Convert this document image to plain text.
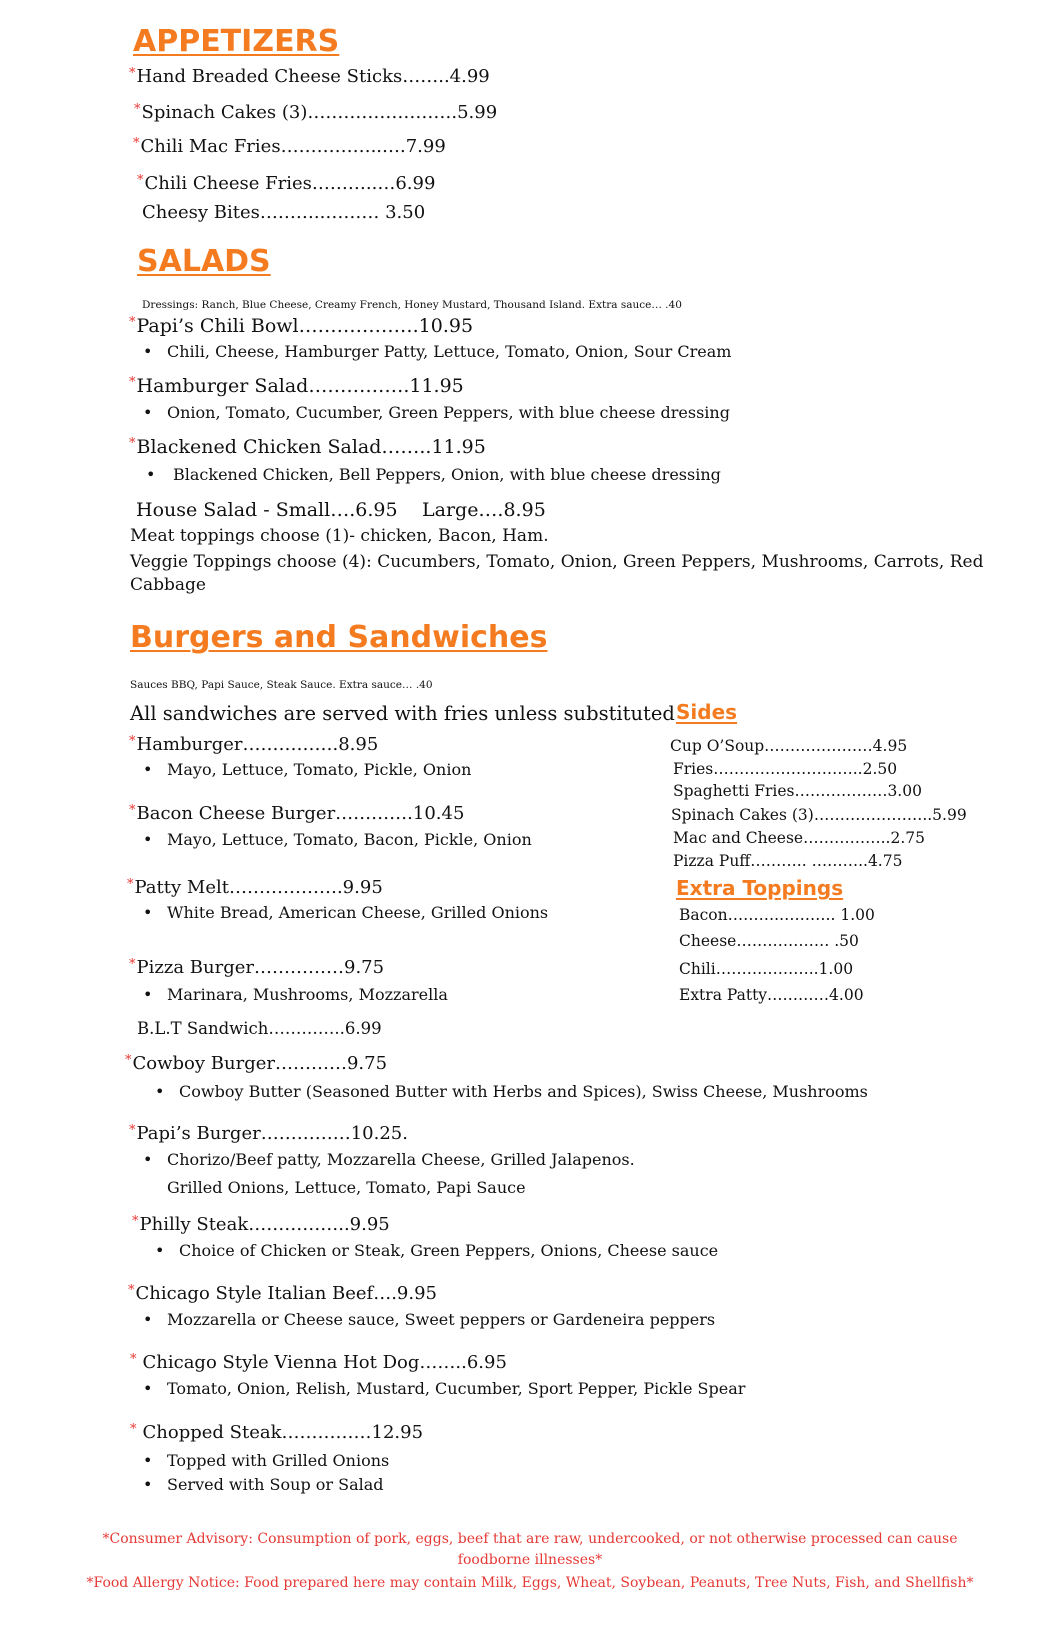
APPETIZERS
*Hand Breaded Cheese Sticks……..4.99
*Spinach Cakes (3)…………………….5.99
*Chili Mac Fries……………..….7.99
*Chili Cheese Fries………..…6.99
Cheesy Bites………..……… 3.50
SALADS
Dressings: Ranch, Blue Cheese, Creamy French, Honey Mustard, Thousand Island. Extra sauce… .40
*Papi’s Chili Bowl……………….10.95
• Chili, Cheese, Hamburger Patty, Lettuce, Tomato, Onion, Sour Cream
*Hamburger Salad…………….11.95
• Onion, Tomato, Cucumber, Green Peppers, with blue cheese dressing
*Blackened Chicken Salad……..11.95
• Blackened Chicken, Bell Peppers, Onion, with blue cheese dressing
House Salad - Small….6.95 Large….8.95
Meat toppings choose (1)- chicken, Bacon, Ham.
Veggie Toppings choose (4): Cucumbers, Tomato, Onion, Green Peppers, Mushrooms, Carrots, Red Cabbage
Burgers and Sandwiches
Sauces BBQ, Papi Sauce, Steak Sauce. Extra sauce… .40
All sandwiches are served with fries unless substituted
*Hamburger…………….8.95
• Mayo, Lettuce, Tomato, Pickle, Onion
*Bacon Cheese Burger………….10.45
• Mayo, Lettuce, Tomato, Bacon, Pickle, Onion
*Patty Melt……………….9.95
• White Bread, American Cheese, Grilled Onions
*Pizza Burger……………9.75
• Marinara, Mushrooms, Mozzarella
B.L.T Sandwich…………..6.99
*Cowboy Burger…………9.75
• Cowboy Butter (Seasoned Butter with Herbs and Spices), Swiss Cheese, Mushrooms
*Papi’s Burger……………10.25.
• Chorizo/Beef patty, Mozzarella Cheese, Grilled Jalapenos.
Grilled Onions, Lettuce, Tomato, Papi Sauce
*Philly Steak……………..9.95
• Choice of Chicken or Steak, Green Peppers, Onions, Cheese sauce
*Chicago Style Italian Beef….9.95
• Mozzarella or Cheese sauce, Sweet peppers or Gardeneira peppers
* Chicago Style Vienna Hot Dog……..6.95
• Tomato, Onion, Relish, Mustard, Cucumber, Sport Pepper, Pickle Spear
* Chopped Steak……………12.95
• Topped with Grilled Onions
• Served with Soup or Salad
Sides
Cup O’Soup…………………4.95
Fries………………………..2.50
Spaghetti Fries………………3.00
Spinach Cakes (3)…………………..5.99
Mac and Cheese……………..2.75
Pizza Puff……….. ………..4.75
Extra Toppings
Bacon……….……….. 1.00
Cheese……………… .50
Chili………………..1.00
Extra Patty…………4.00
*Consumer Advisory: Consumption of pork, eggs, beef that are raw, undercooked, or not otherwise processed can cause foodborne illnesses*
*Food Allergy Notice: Food prepared here may contain Milk, Eggs, Wheat, Soybean, Peanuts, Tree Nuts, Fish, and Shellfish*
